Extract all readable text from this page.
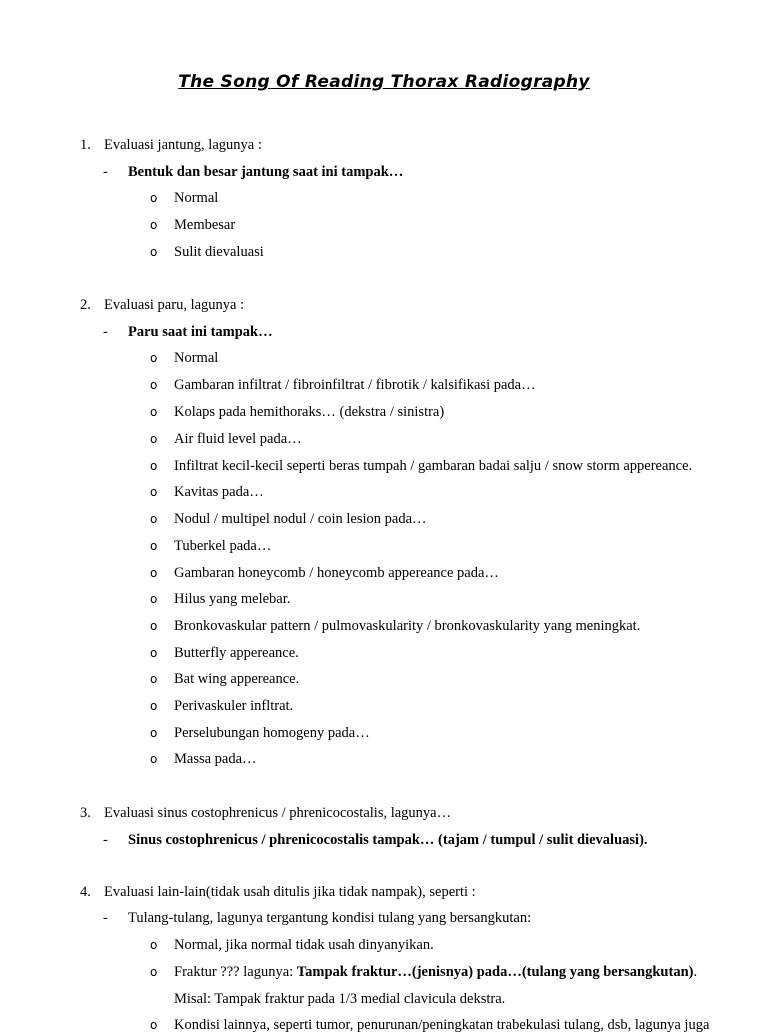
The Song Of Reading Thorax Radiography
1. Evaluasi jantung, lagunya :
- Bentuk dan besar jantung saat ini tampak…
o Normal
o Membesar
o Sulit dievaluasi
2. Evaluasi paru, lagunya :
- Paru saat ini tampak…
o Normal
o Gambaran infiltrat / fibroinfiltrat / fibrotik / kalsifikasi pada…
o Kolaps pada hemithoraks… (dekstra / sinistra)
o Air fluid level pada…
o Infiltrat kecil-kecil seperti beras tumpah / gambaran badai salju / snow storm appereance.
o Kavitas pada…
o Nodul / multipel nodul / coin lesion pada…
o Tuberkel pada…
o Gambaran honeycomb / honeycomb appereance pada…
o Hilus yang melebar.
o Bronkovaskular pattern / pulmovaskularity / bronkovaskularity yang meningkat.
o Butterfly appereance.
o Bat wing appereance.
o Perivaskuler infltrat.
o Perselubungan homogeny pada…
o Massa pada…
3. Evaluasi sinus costophrenicus / phrenicocostalis, lagunya…
- Sinus costophrenicus / phrenicocostalis tampak… (tajam / tumpul / sulit dievaluasi).
4. Evaluasi lain-lain(tidak usah ditulis jika tidak nampak), seperti :
- Tulang-tulang, lagunya tergantung kondisi tulang yang bersangkutan:
o Normal, jika normal tidak usah dinyanyikan.
o Fraktur ??? lagunya: Tampak fraktur…(jenisnya) pada…(tulang yang bersangkutan).
Misal: Tampak fraktur pada 1/3 medial clavicula dekstra.
o Kondisi lainnya, seperti tumor, penurunan/peningkatan trabekulasi tulang, dsb, lagunya juga
